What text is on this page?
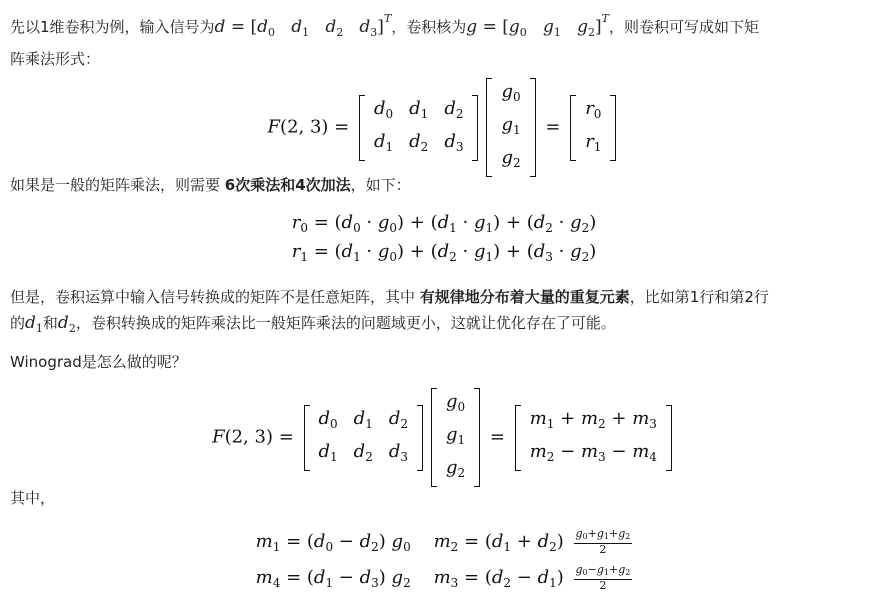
先以1维卷积为例，输入信号为$d = [d_0$   $d_1$   $d_2$   $d_3]^T$，卷积核为$g = [g_0$   $g_1$   $g_2]^T$，则卷积可写成如下矩
阵乘法形式：
F(2, 3) =
$d_0$	$d_1$	$d_2$
$d_1$	$d_2$	$d_3$
$g_0$
$g_1$
$g_2$
=
$r_0$
$r_1$
如果是一般的矩阵乘法，则需要 6次乘法和4次加法，如下：
$r_0 = (d_0 \cdot g_0) + (d_1 \cdot g_1) + (d_2 \cdot g_2)$
$r_1 = (d_1 \cdot g_0) + (d_2 \cdot g_1) + (d_3 \cdot g_2)$
但是，卷积运算中输入信号转换成的矩阵不是任意矩阵，其中 有规律地分布着大量的重复元素，比如第1行和第2行
的$d_1$和$d_2$，卷积转换成的矩阵乘法比一般矩阵乘法的问题域更小，这就让优化存在了可能。
Winograd是怎么做的呢？
F(2, 3) =
$d_0$	$d_1$	$d_2$
$d_1$	$d_2$	$d_3$
$g_0$
$g_1$
$g_2$
=
$m_1 + m_2 + m_3$
$m_2 - m_3 - m_4$
其中，
$m_1 = (d_0 - d_2)$ $g_0$ $m_2 = (d_1 + d_2) \frac{g0+g1+g2}{2}$
$m_4 = (d_1 - d_3)$ $g_2$ $m_3 = (d_2 - d_1) \frac{g0-g1+g2}{2}$
